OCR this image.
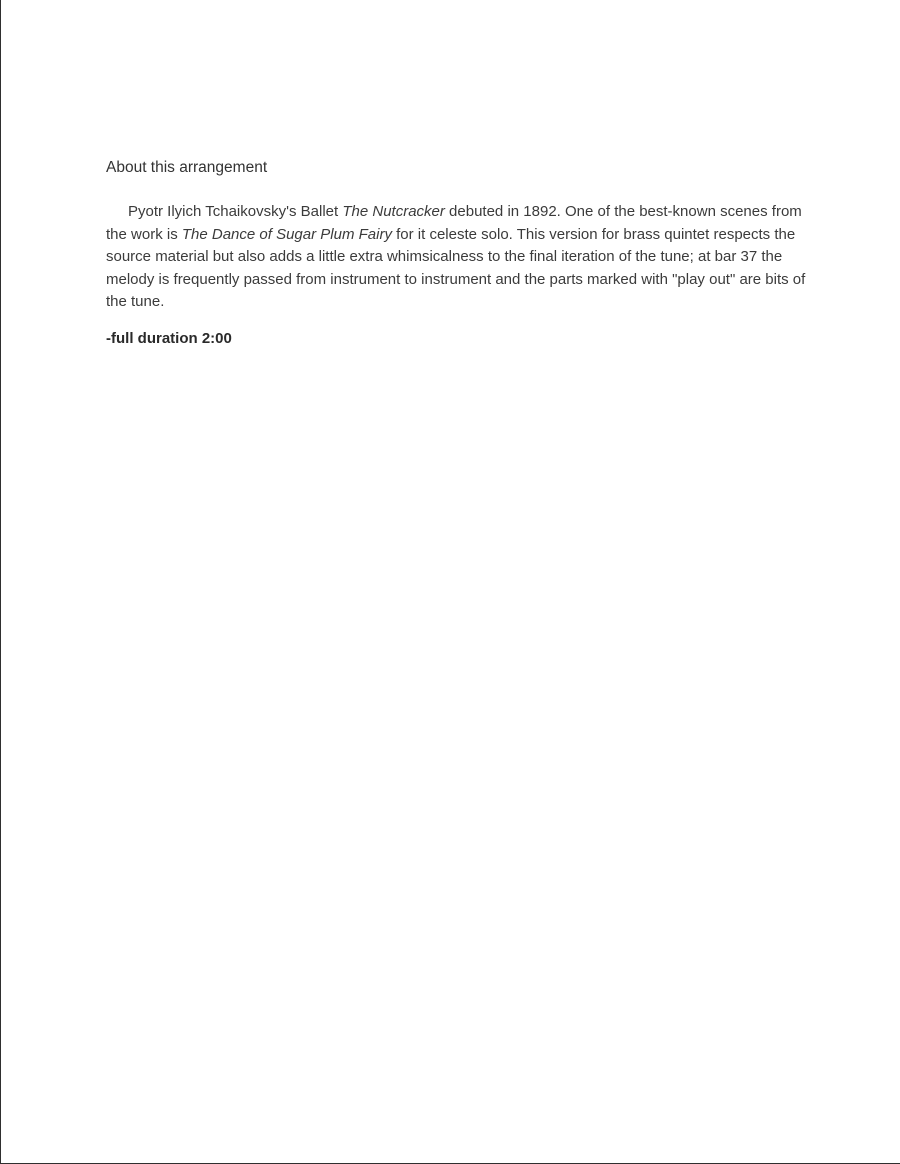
About this arrangement

Pyotr Ilyich Tchaikovsky's Ballet The Nutcracker debuted in 1892. One of the best-known scenes from the work is The Dance of Sugar Plum Fairy for it celeste solo. This version for brass quintet respects the source material but also adds a little extra whimsicalness to the final iteration of the tune; at bar 37 the melody is frequently passed from instrument to instrument and the parts marked with "play out" are bits of the tune.

-full duration 2:00
